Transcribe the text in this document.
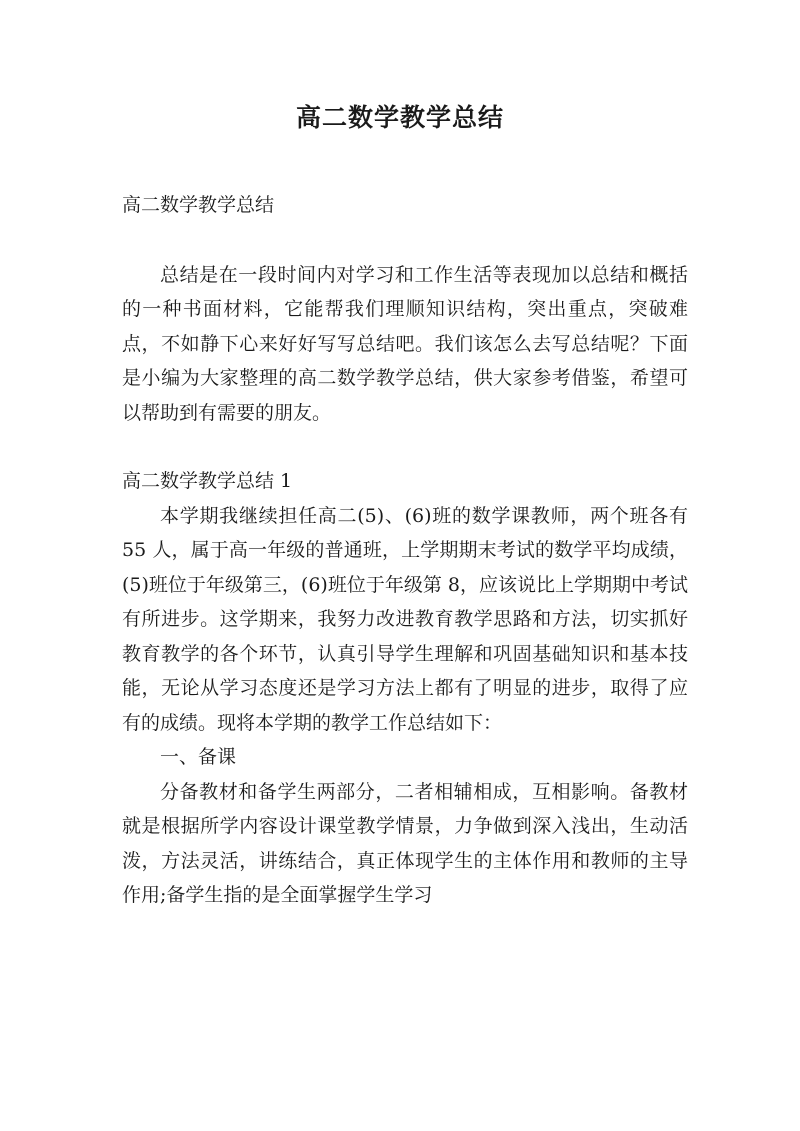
高二数学教学总结

高二数学教学总结

总结是在一段时间内对学习和工作生活等表现加以总结和概括的一种书面材料，它能帮我们理顺知识结构，突出重点，突破难点，不如静下心来好好写写总结吧。我们该怎么去写总结呢？下面是小编为大家整理的高二数学教学总结，供大家参考借鉴，希望可以帮助到有需要的朋友。

高二数学教学总结 1

本学期我继续担任高二(5)、(6)班的数学课教师，两个班各有 55 人，属于高一年级的普通班，上学期期末考试的数学平均成绩，(5)班位于年级第三，(6)班位于年级第 8，应该说比上学期期中考试有所进步。这学期来，我努力改进教育教学思路和方法，切实抓好教育教学的各个环节，认真引导学生理解和巩固基础知识和基本技能，无论从学习态度还是学习方法上都有了明显的进步，取得了应有的成绩。现将本学期的教学工作总结如下：

一、备课

分备教材和备学生两部分，二者相辅相成，互相影响。备教材就是根据所学内容设计课堂教学情景，力争做到深入浅出，生动活泼，方法灵活，讲练结合，真正体现学生的主体作用和教师的主导作用;备学生指的是全面掌握学生学习
